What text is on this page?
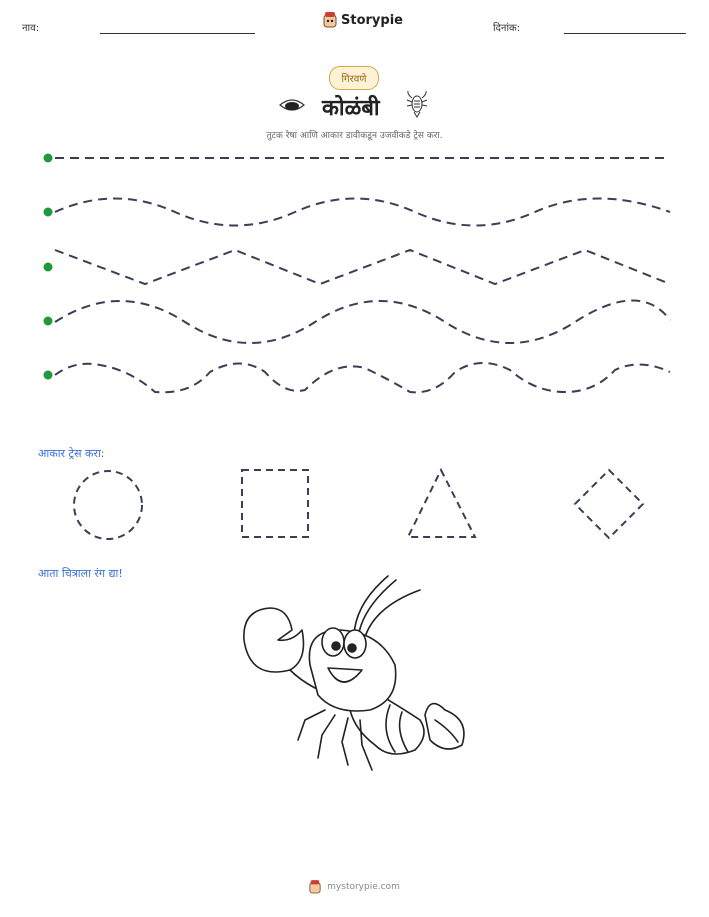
नाव:
Storypie
दिनांक:
गिरवणे
कोळंबी
तुटक रेषा आणि आकार डावीकडून उजवीकडे ट्रेस करा.
आकार ट्रेस करा:
आता चित्राला रंग द्या!
mystorypie.com
